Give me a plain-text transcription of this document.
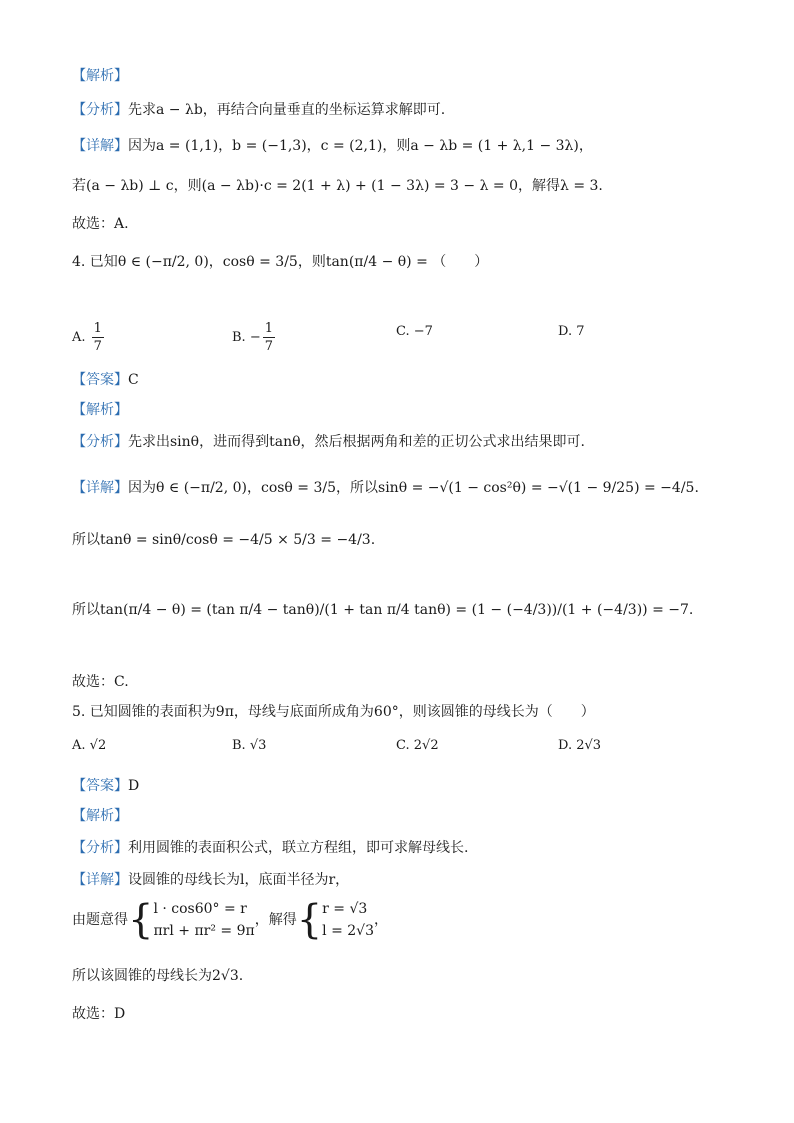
【解析】
【分析】先求a − λb，再结合向量垂直的坐标运算求解即可.
【详解】因为a = (1,1)，b = (−1,3)，c = (2,1)，则a − λb = (1 + λ,1 − 3λ)，
若(a − λb) ⊥ c，则(a − λb)·c = 2(1 + λ) + (1 − 3λ) = 3 − λ = 0，解得λ = 3.
故选：A.
4. 已知θ ∈ (−π/2, 0)，cosθ = 3/5，则tan(π/4 − θ) = （　　）
A. $\frac{1}{7}$	B. − $\frac{1}{7}$	C. −7	D. 7
【答案】C
【解析】
【分析】先求出sinθ，进而得到tanθ，然后根据两角和差的正切公式求出结果即可.
【详解】因为θ ∈ (−π/2, 0)，cosθ = 3/5，所以sinθ = −√(1 − cos²θ) = −√(1 − 9/25) = −4/5.
所以tanθ = sinθ/cosθ = −4/5 × 5/3 = −4/3.
所以tan(π/4 − θ) = (tan π/4 − tanθ)/(1 + tan π/4 tanθ) = (1 − (−4/3))/(1 + (−4/3)) = −7.
故选：C.
5. 已知圆锥的表面积为9π，母线与底面所成角为60°，则该圆锥的母线长为（　　）
A. √2	B. √3	C. 2√2	D. 2√3
【答案】D
【解析】
【分析】利用圆锥的表面积公式，联立方程组，即可求解母线长.
【详解】设圆锥的母线长为l，底面半径为r，
由题意得{ l · cos60° = r
πrl + πr² = 9π
，解得{ r = √3
l = 2√3
，
所以该圆锥的母线长为2√3.
故选：D
